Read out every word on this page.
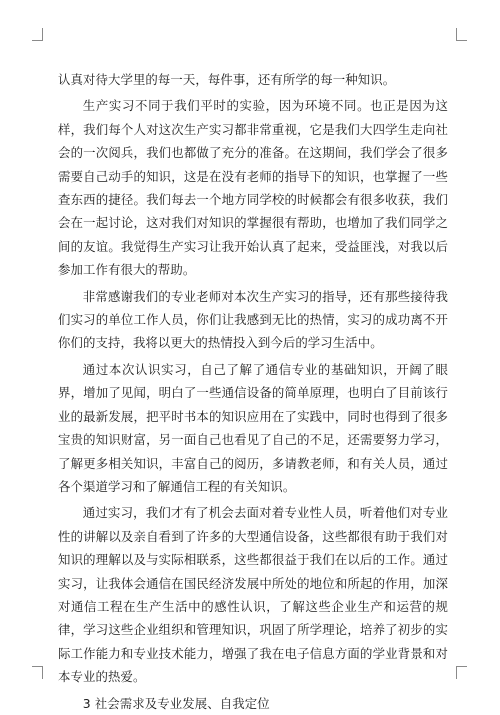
认真对待大学里的每一天，每件事，还有所学的每一种知识。

生产实习不同于我们平时的实验，因为环境不同。也正是因为这样，我们每个人对这次生产实习都非常重视，它是我们大四学生走向社会的一次阅兵，我们也都做了充分的准备。在这期间，我们学会了很多需要自己动手的知识，这是在没有老师的指导下的知识，也掌握了一些查东西的捷径。我们每去一个地方同学校的时候都会有很多收获，我们会在一起讨论，这对我们对知识的掌握很有帮助，也增加了我们同学之间的友谊。我觉得生产实习让我开始认真了起来，受益匪浅，对我以后参加工作有很大的帮助。

非常感谢我们的专业老师对本次生产实习的指导，还有那些接待我们实习的单位工作人员，你们让我感到无比的热情，实习的成功离不开你们的支持，我将以更大的热情投入到今后的学习生活中。

通过本次认识实习，自己了解了通信专业的基础知识，开阔了眼界，增加了见闻，明白了一些通信设备的简单原理，也明白了目前该行业的最新发展，把平时书本的知识应用在了实践中，同时也得到了很多宝贵的知识财富，另一面自己也看见了自己的不足，还需要努力学习，了解更多相关知识，丰富自己的阅历，多请教老师，和有关人员，通过各个渠道学习和了解通信工程的有关知识。

通过实习，我们才有了机会去面对着专业性人员，听着他们对专业性的讲解以及亲自看到了许多的大型通信设备，这些都很有助于我们对知识的理解以及与实际相联系，这些都很益于我们在以后的工作。通过实习，让我体会通信在国民经济发展中所处的地位和所起的作用，加深对通信工程在生产生活中的感性认识，了解这些企业生产和运营的规律，学习这些企业组织和管理知识，巩固了所学理论，培养了初步的实际工作能力和专业技术能力，增强了我在电子信息方面的学业背景和对本专业的热爱。

3 社会需求及专业发展、自我定位
